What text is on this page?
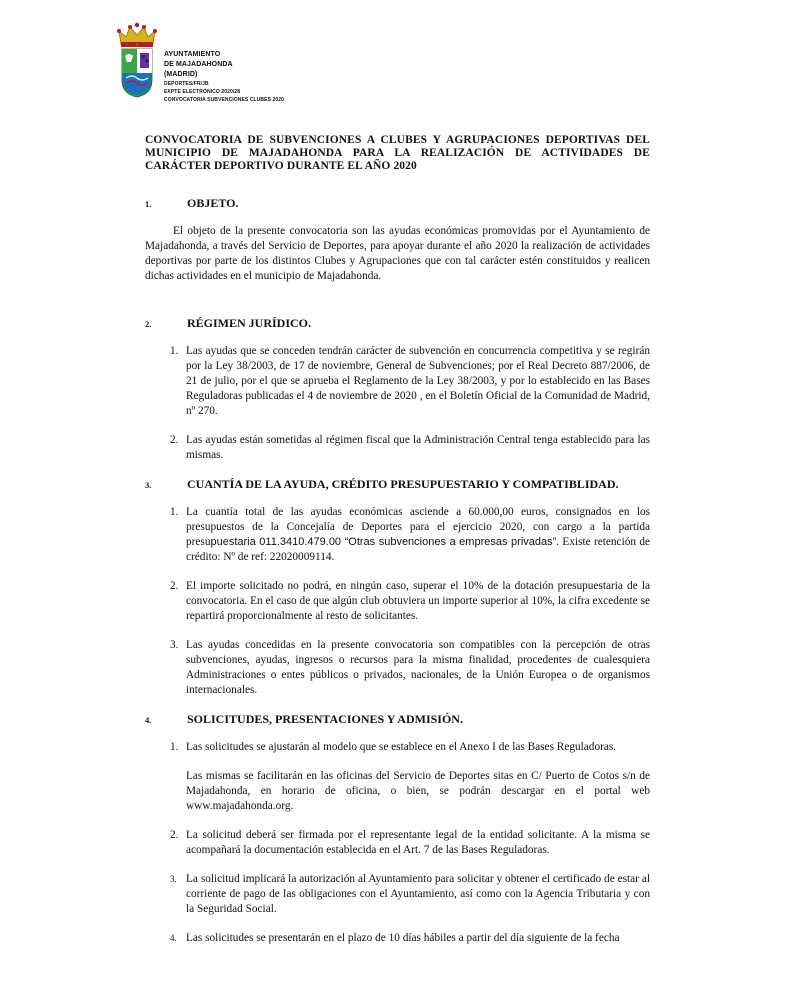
AYUNTAMIENTO
DE MAJADAHONDA
(MADRID)
DEPORTES/FR/JB
EXPTE ELECTRÓNICO 2020/28
CONVOCATORIA SUBVENCIONES CLUBES 2020
CONVOCATORIA DE SUBVENCIONES A CLUBES Y AGRUPACIONES DEPORTIVAS DEL MUNICIPIO DE MAJADAHONDA PARA LA REALIZACIÓN DE ACTIVIDADES DE CARÁCTER DEPORTIVO DURANTE EL AÑO 2020
1.	OBJETO.

El objeto de la presente convocatoria son las ayudas económicas promovidas por el Ayuntamiento de Majadahonda, a través del Servicio de Deportes, para apoyar durante el año 2020 la realización de actividades deportivas por parte de los distintos Clubes y Agrupaciones que con tal carácter estén constituidos y realicen dichas actividades en el municipio de Majadahonda.

2.	RÉGIMEN JURÍDICO.
1. Las ayudas que se conceden tendrán carácter de subvención en concurrencia competitiva y se regirán por la Ley 38/2003, de 17 de noviembre, General de Subvenciones; por el Real Decreto 887/2006, de 21 de julio, por el que se aprueba el Reglamento de la Ley 38/2003, y por lo establecido en las Bases Reguladoras publicadas el 4 de noviembre de 2020 , en el Boletín Oficial de la Comunidad de Madrid, nº 270.
2. Las ayudas están sometidas al régimen fiscal que la Administración Central tenga establecido para las mismas.
3.	CUANTÍA DE LA AYUDA, CRÉDITO PRESUPUESTARIO Y COMPATIBLIDAD.
1. La cuantía total de las ayudas económicas asciende a 60.000,00 euros, consignados en los presupuestos de la Concejalía de Deportes para el ejercicio 2020, con cargo a la partida presupuestaria 011.3410.479.00 “Otras subvenciones a empresas privadas”. Existe retención de crédito: Nº de ref: 22020009114.
2. El importe solicitado no podrá, en ningún caso, superar el 10% de la dotación presupuestaria de la convocatoria. En el caso de que algún club obtuviera un importe superior al 10%, la cifra excedente se repartirá proporcionalmente al resto de solicitantes.
3. Las ayudas concedidas en la presente convocatoria son compatibles con la percepción de otras subvenciones, ayudas, ingresos o recursos para la misma finalidad, procedentes de cualesquiera Administraciones o entes públicos o privados, nacionales, de la Unión Europea o de organismos internacionales.
4.	SOLICITUDES, PRESENTACIONES Y ADMISIÓN.
1. Las solicitudes se ajustarán al modelo que se establece en el Anexo I de las Bases Reguladoras.

Las mismas se facilitarán en las oficinas del Servicio de Deportes sitas en C/ Puerto de Cotos s/n de Majadahonda, en horario de oficina, o bien, se podrán descargar en el portal web www.majadahonda.org.

2. La solicitud deberá ser firmada por el representante legal de la entidad solicitante. A la misma se acompañará la documentación establecida en el Art. 7 de las Bases Reguladoras.
3. La solicitud implicará la autorización al Ayuntamiento para solicitar y obtener el certificado de estar al corriente de pago de las obligaciones con el Ayuntamiento, así como con la Agencia Tributaria y con la Seguridad Social.
4. Las solicitudes se presentarán en el plazo de 10 días hábiles a partir del día siguiente de la fecha
